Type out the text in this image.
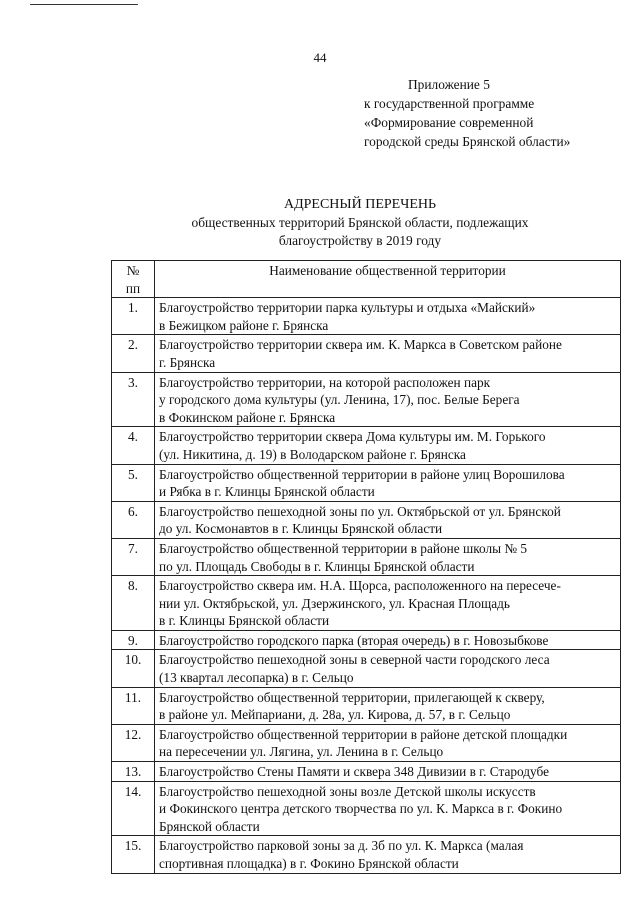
44
Приложение 5
к государственной программе
«Формирование современной
городской среды Брянской области»
АДРЕСНЫЙ ПЕРЕЧЕНЬ
общественных территорий Брянской области, подлежащих
благоустройству в 2019 году
№
пп	Наименование общественной территории
1.	Благоустройство территории парка культуры и отдыха «Майский»
в Бежицком районе г. Брянска
2.	Благоустройство территории сквера им. К. Маркса в Советском районе
г. Брянска
3.	Благоустройство территории, на которой расположен парк
у городского дома культуры (ул. Ленина, 17), пос. Белые Берега
в Фокинском районе г. Брянска
4.	Благоустройство территории сквера Дома культуры им. М. Горького
(ул. Никитина, д. 19) в Володарском районе г. Брянска
5.	Благоустройство общественной территории в районе улиц Ворошилова
и Рябка в г. Клинцы Брянской области
6.	Благоустройство пешеходной зоны по ул. Октябрьской от ул. Брянской
до ул. Космонавтов в г. Клинцы Брянской области
7.	Благоустройство общественной территории в районе школы № 5
по ул. Площадь Свободы в г. Клинцы Брянской области
8.	Благоустройство сквера им. Н.А. Щорса, расположенного на пересече-
нии ул. Октябрьской, ул. Дзержинского, ул. Красная Площадь
в г. Клинцы Брянской области
9.	Благоустройство городского парка (вторая очередь) в г. Новозыбкове
10.	Благоустройство пешеходной зоны в северной части городского леса
(13 квартал лесопарка) в г. Сельцо
11.	Благоустройство общественной территории, прилегающей к скверу,
в районе ул. Мейпариани, д. 28а, ул. Кирова, д. 57, в г. Сельцо
12.	Благоустройство общественной территории в районе детской площадки
на пересечении ул. Лягина, ул. Ленина в г. Сельцо
13.	Благоустройство Стены Памяти и сквера 348 Дивизии в г. Стародубе
14.	Благоустройство пешеходной зоны возле Детской школы искусств
и Фокинского центра детского творчества по ул. К. Маркса в г. Фокино
Брянской области
15.	Благоустройство парковой зоны за д. 3б по ул. К. Маркса (малая
спортивная площадка) в г. Фокино Брянской области
